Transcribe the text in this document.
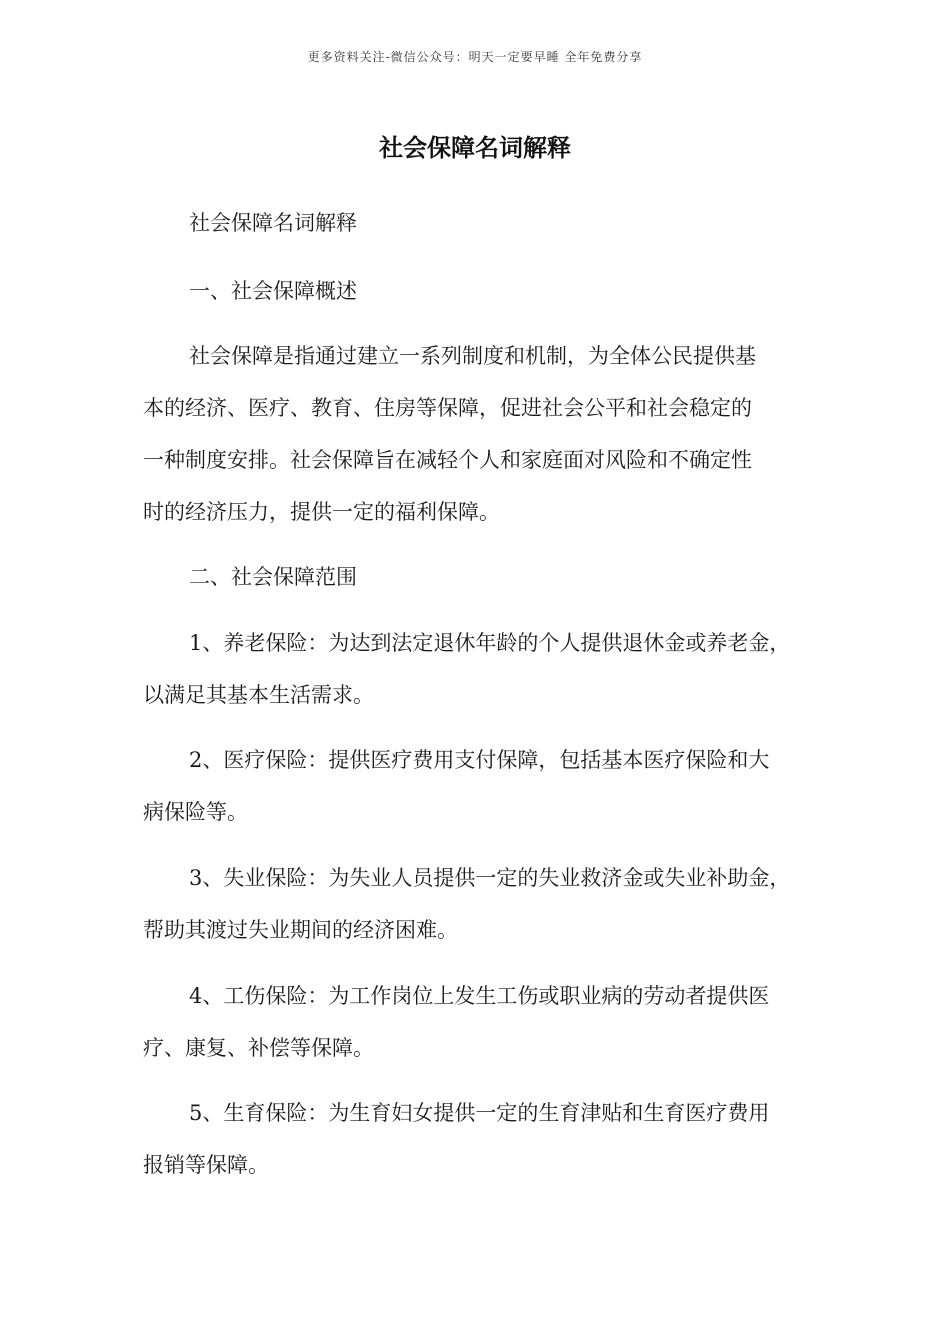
更多资料关注-微信公众号：明天一定要早睡 全年免费分享
社会保障名词解释

社会保障名词解释

一、社会保障概述

社会保障是指通过建立一系列制度和机制，为全体公民提供基

本的经济、医疗、教育、住房等保障，促进社会公平和社会稳定的

一种制度安排。社会保障旨在减轻个人和家庭面对风险和不确定性

时的经济压力，提供一定的福利保障。

二、社会保障范围

1、养老保险：为达到法定退休年龄的个人提供退休金或养老金，

以满足其基本生活需求。

2、医疗保险：提供医疗费用支付保障，包括基本医疗保险和大

病保险等。

3、失业保险：为失业人员提供一定的失业救济金或失业补助金，

帮助其渡过失业期间的经济困难。

4、工伤保险：为工作岗位上发生工伤或职业病的劳动者提供医

疗、康复、补偿等保障。

5、生育保险：为生育妇女提供一定的生育津贴和生育医疗费用

报销等保障。
